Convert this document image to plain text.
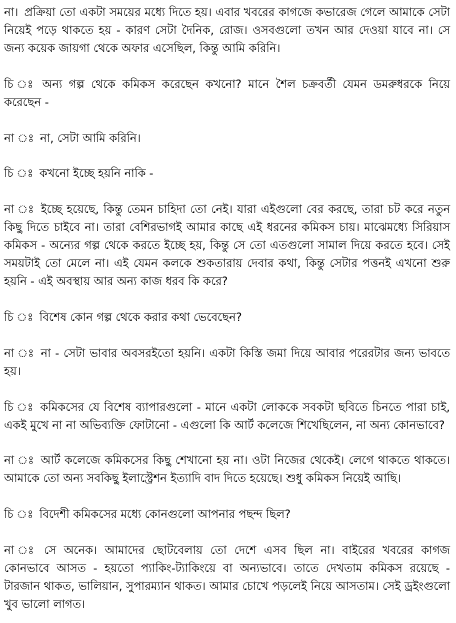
না। প্রক্রিয়া তো একটা সময়ের মধ্যে দিতে হয়। এবার খবরের কাগজে কভারেজ গেলে আমাকে সেটা নিয়েই পড়ে থাকতে হয় - কারণ সেটা দৈনিক, রোজ। ওসবগুলো তখন আর দেওয়া যাবে না। সে জন্য কয়েক জায়গা থেকে অফার এসেছিল, কিন্তু আমি করিনি।

চি ঃ অন্য গল্প থেকে কমিকস করেছেন কখনো? মানে শৈল চক্রবর্তী যেমন ডমরুধরকে নিয়ে করেছেন -

না ঃ না, সেটা আমি করিনি।

চি ঃ কখনো ইচ্ছে হয়নি নাকি -

না ঃ ইচ্ছে হয়েছে, কিন্তু তেমন চাহিদা তো নেই। যারা এইগুলো বের করছে, তারা চট করে নতুন কিছু দিতে চাইবে না। তারা বেশিরভাগই আমার কাছে এই ধরনের কমিকস চায়। মাঝেমধ্যে সিরিয়াস কমিকস - অন্যের গল্প থেকে করতে ইচ্ছে হয়, কিন্তু সে তো এতগুলো সামাল দিয়ে করতে হবে। সেই সময়টাই তো মেলে না। এই যেমন কলকে শুকতারায় দেবার কথা, কিন্তু সেটার পত্তনই এখনো শুরু হয়নি - এই অবস্থায় আর অন্য কাজ ধরব কি করে?

চি ঃ বিশেষ কোন গল্প থেকে করার কথা ভেবেছেন?

না ঃ না - সেটা ভাবার অবসরইতো হয়নি। একটা কিস্তি জমা দিয়ে আবার পরেরটার জন্য ভাবতে হয়।

চি ঃ কমিকসের যে বিশেষ ব্যাপারগুলো - মানে একটা লোককে সবকটা ছবিতে চিনতে পারা চাই, একই মুখে না না অভিব্যক্তি ফোটানো - এগুলো কি আর্ট কলেজে শিখেছিলেন, না অন্য কোনভাবে?

না ঃ আর্ট কলেজে কমিকসের কিছু শেখানো হয় না। ওটা নিজের থেকেই। লেগে থাকতে থাকতে। আমাকে তো অন্য সবকিছু ইলাস্ট্রেশন ইত্যাদি বাদ দিতে হয়েছে। শুধু কমিকস নিয়েই আছি।

চি ঃ বিদেশী কমিকসের মধ্যে কোনগুলো আপনার পছন্দ ছিল?

না ঃ সে অনেক। আমাদের ছোটবেলায় তো দেশে এসব ছিল না। বাইরের খবরের কাগজ কোনভাবে আসত - হয়তো প্যাকিং-ট্যাকিংয়ে বা অন্যভাবে। তাতে দেখতাম কমিকস রয়েছে - টারজান থাকত, ভালিয়ান, সুপারম্যান থাকত। আমার চোখে পড়লেই নিয়ে আসতাম। সেই ড্রইংগুলো খুব ভালো লাগত।
